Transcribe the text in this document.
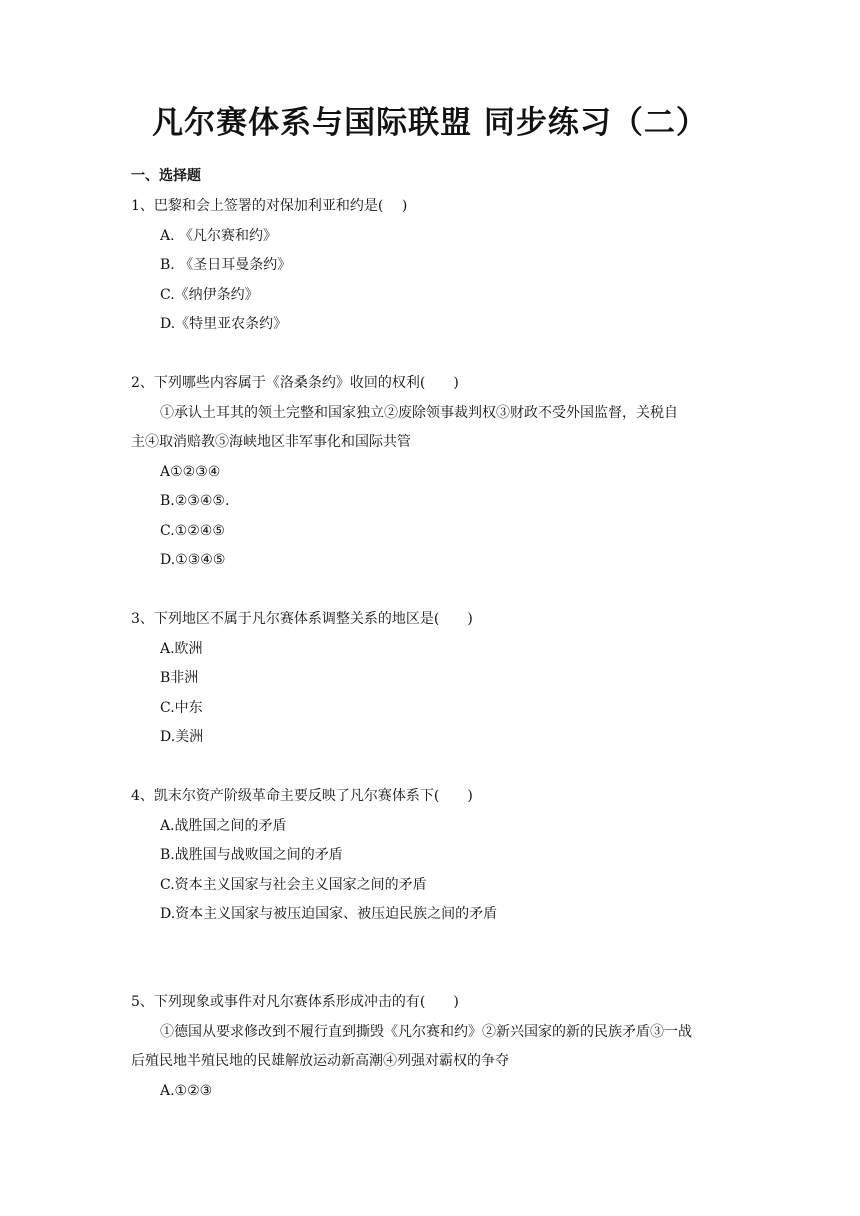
凡尔赛体系与国际联盟 同步练习（二）
一、选择题
1、巴黎和会上签署的对保加利亚和约是(　 )
A. 《凡尔赛和约》
B. 《圣日耳曼条约》
C.《纳伊条约》
D.《特里亚农条约》
2、下列哪些内容属于《洛桑条约》收回的权利(　　)
①承认土耳其的领土完整和国家独立②废除领事裁判权③财政不受外国监督，关税自
主④取消赔教⑤海峡地区非军事化和国际共管
A①②③④
B.②③④⑤.
C.①②④⑤
D.①③④⑤
3、下列地区不属于凡尔赛体系调整关系的地区是(　　)
A.欧洲
B非洲
C.中东
D.美洲
4、凯末尔资产阶级革命主要反映了凡尔赛体系下(　　)
A.战胜国之间的矛盾
B.战胜国与战败国之间的矛盾
C.资本主义国家与社会主义国家之间的矛盾
D.资本主义国家与被压迫国家、被压迫民族之间的矛盾
5、下列现象或事件对凡尔赛体系形成冲击的有(　　)
①德国从要求修改到不履行直到撕毁《凡尔赛和约》②新兴国家的新的民族矛盾③一战
后殖民地半殖民地的民雄解放运动新高潮④列强对霸权的争夺
A.①②③
